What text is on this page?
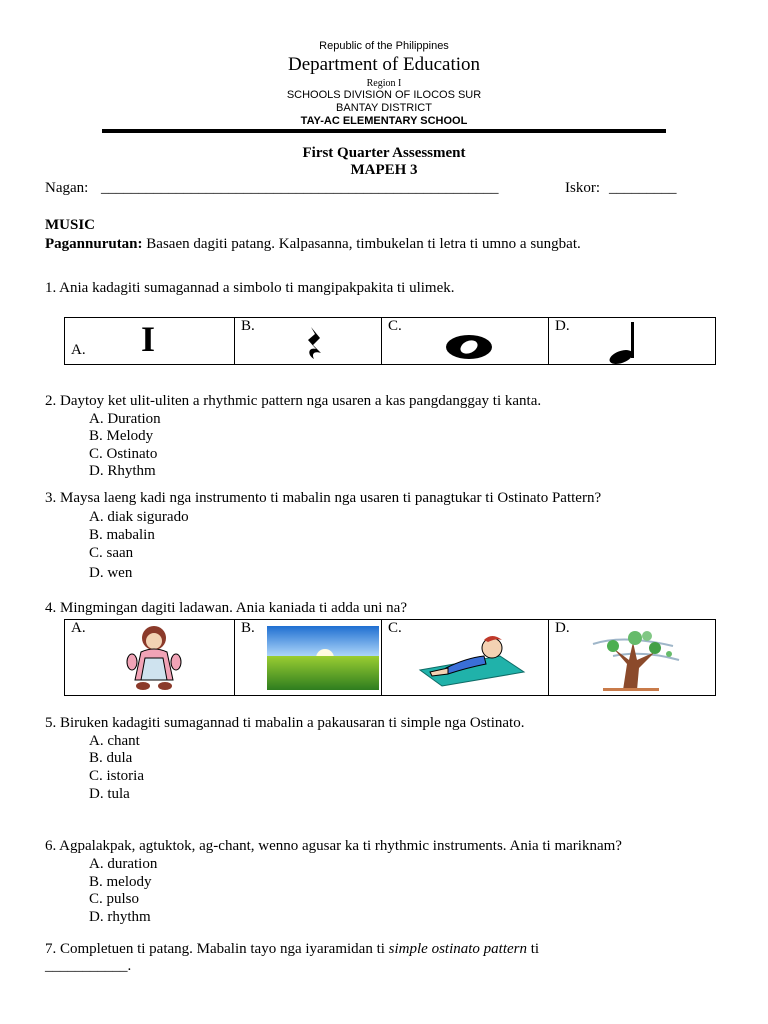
Republic of the Philippines
Department of Education
Region I
SCHOOLS DIVISION OF ILOCOS SUR
BANTAY DISTRICT
TAY-AC ELEMENTARY SCHOOL
First Quarter Assessment
MAPEH 3
Nagan: _____________________________________________________	Iskor: _________
MUSIC
Pagannurutan: Basaen dagiti patang. Kalpasanna, timbukelan ti letra ti umno a sungbat.
1. Ania kadagiti sumagannad a simbolo ti mangipakpakita ti ulimek.
A. I	B.	C.	D.
2. Daytoy ket ulit-uliten a rhythmic pattern nga usaren a kas pangdanggay ti kanta.
A. Duration
B. Melody
C. Ostinato
D. Rhythm
3. Maysa laeng kadi nga instrumento ti mabalin nga usaren ti panagtukar ti Ostinato Pattern?
A. diak sigurado
B. mabalin
C. saan
D. wen
4. Mingmingan dagiti ladawan. Ania kaniada ti adda uni na?
A.	B.	C.	D.
5. Biruken kadagiti sumagannad ti mabalin a pakausaran ti simple nga Ostinato.
A. chant
B. dula
C. istoria
D. tula
6. Agpalakpak, agtuktok, ag-chant, wenno agusar ka ti rhythmic instruments. Ania ti mariknam?
A. duration
B. melody
C. pulso
D. rhythm
7. Completuen ti patang. Mabalin tayo nga iyaramidan ti simple ostinato pattern ti
___________.
